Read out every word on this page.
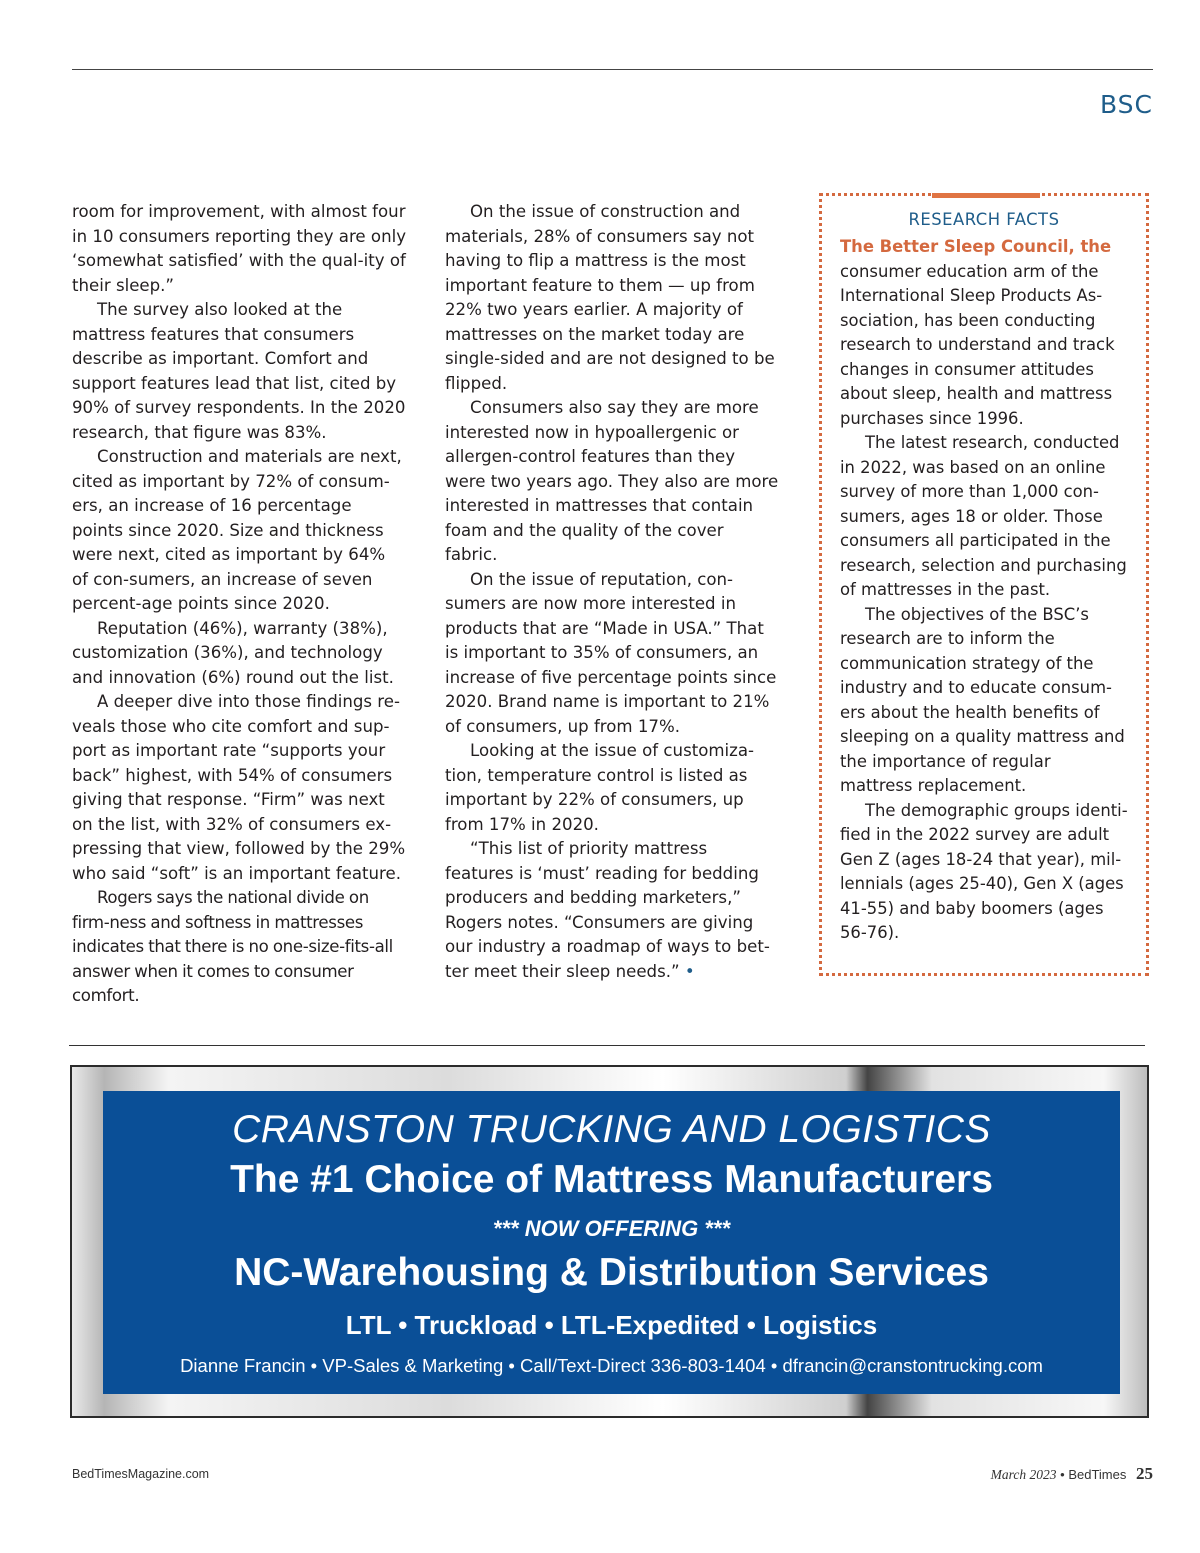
BSC

room for improvement, with almost four in 10 consumers reporting they are only ‘somewhat satisfied’ with the qual-ity of their sleep.”

The survey also looked at the mattress features that consumers describe as important. Comfort and support features lead that list, cited by 90% of survey respondents. In the 2020 research, that figure was 83%.

Construction and materials are next, cited as important by 72% of consum-ers, an increase of 16 percentage points since 2020. Size and thickness were next, cited as important by 64% of con-sumers, an increase of seven percent-age points since 2020.

Reputation (46%), warranty (38%), customization (36%), and technology and innovation (6%) round out the list.

A deeper dive into those findings re-veals those who cite comfort and sup-port as important rate “supports your back” highest, with 54% of consumers giving that response. “Firm” was next on the list, with 32% of consumers ex-pressing that view, followed by the 29% who said “soft” is an important feature.

Rogers says the national divide on firm-ness and softness in mattresses indicates that there is no one-size-fits-all answer when it comes to consumer comfort.

On the issue of construction and materials, 28% of consumers say not having to flip a mattress is the most important feature to them — up from 22% two years earlier. A majority of mattresses on the market today are single-sided and are not designed to be flipped.

Consumers also say they are more interested now in hypoallergenic or allergen-control features than they were two years ago. They also are more interested in mattresses that contain foam and the quality of the cover fabric.

On the issue of reputation, con-sumers are now more interested in products that are “Made in USA.” That is important to 35% of consumers, an increase of five percentage points since 2020. Brand name is important to 21% of consumers, up from 17%.

Looking at the issue of customiza-tion, temperature control is listed as important by 22% of consumers, up from 17% in 2020.

“This list of priority mattress features is ‘must’ reading for bedding producers and bedding marketers,” Rogers notes. “Consumers are giving our industry a roadmap of ways to bet-ter meet their sleep needs.” •

RESEARCH FACTS

The Better Sleep Council, the consumer education arm of the International Sleep Products As-sociation, has been conducting research to understand and track changes in consumer attitudes about sleep, health and mattress purchases since 1996.

The latest research, conducted in 2022, was based on an online survey of more than 1,000 con-sumers, ages 18 or older. Those consumers all participated in the research, selection and purchasing of mattresses in the past.

The objectives of the BSC’s research are to inform the communication strategy of the industry and to educate consum-ers about the health benefits of sleeping on a quality mattress and the importance of regular mattress replacement.

The demographic groups identi-fied in the 2022 survey are adult Gen Z (ages 18-24 that year), mil-lennials (ages 25-40), Gen X (ages 41-55) and baby boomers (ages 56-76).

CRANSTON TRUCKING AND LOGISTICS
The #1 Choice of Mattress Manufacturers
*** NOW OFFERING ***
NC-Warehousing & Distribution Services
LTL • Truckload • LTL-Expedited • Logistics
Dianne Francin • VP-Sales & Marketing • Call/Text-Direct 336-803-1404 • dfrancin@cranstontrucking.com
BedTimesMagazine.com	March 2023 • BedTimes 25
